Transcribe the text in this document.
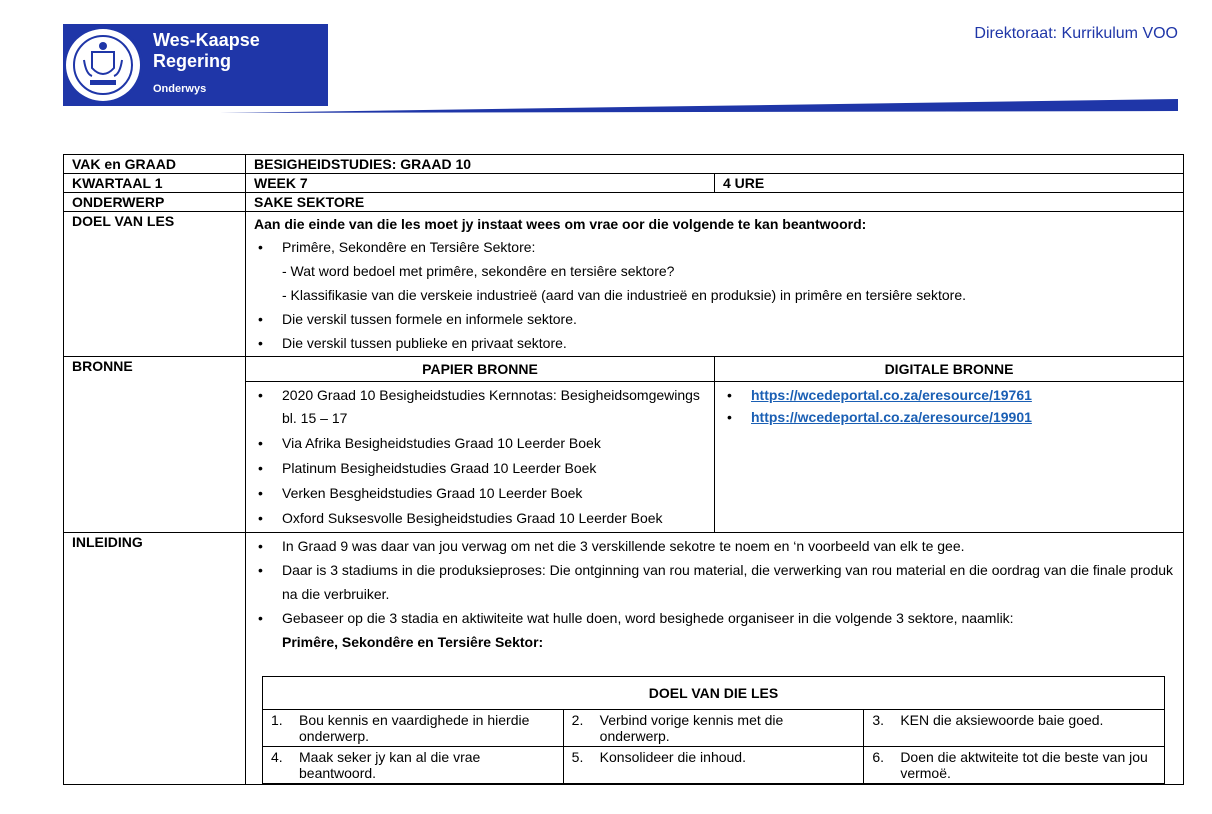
Wes-Kaapse
Regering
Onderwys
Direktoraat: Kurrikulum VOO
VAK en GRAAD	BESIGHEIDSTUDIES: GRAAD 10
KWARTAAL 1	WEEK 7	4 URE
ONDERWERP	SAKE SEKTORE
DOEL VAN LES	Aan die einde van die les moet jy instaat wees om vrae oor die volgende te kan beantwoord:
• Primêre, Sekondêre en Tersiêre Sektore:
- Wat word bedoel met primêre, sekondêre en tersiêre sektore?
- Klassifikasie van die verskeie industrieë (aard van die industrieë en produksie) in primêre en tersiêre sektore.
• Die verskil tussen formele en informele sektore.
• Die verskil tussen publieke en privaat sektore.

BRONNE	PAPIER BRONNE	DIGITALE BRONNE

• 2020 Graad 10 Besigheidstudies Kernnotas: Besigheidsomgewings bl. 15 – 17
• Via Afrika Besigheidstudies Graad 10 Leerder Boek
• Platinum Besigheidstudies Graad 10 Leerder Boek
• Verken Besgheidstudies Graad 10 Leerder Boek
• Oxford Suksesvolle Besigheidstudies Graad 10 Leerder Boek

• https://wcedeportal.co.za/eresource/19761
• https://wcedeportal.co.za/eresource/19901

INLEIDING	
•In Graad 9 was daar van jou verwag om net die 3 verskillende sekotre te noem en ‘n voorbeeld van elk te gee.
• Daar is 3 stadiums in die produksieproses: Die ontginning van rou material, die verwerking van rou material en die oordrag van die finale produk na die verbruiker.
• Gebaseer op die 3 stadia en aktiwiteite wat hulle doen, word besighede organiseer in die volgende 3 sektore, naamlik:
Primêre, Sekondêre en Tersiêre Sektor:
DOEL VAN DIE LES
1. Bou kennis en vaardighede in hierdie onderwerp.	2. Verbind vorige kennis met die onderwerp.	3. KEN die aksiewoorde baie goed.
4. Maak seker jy kan al die vrae beantwoord.	5. Konsolideer die inhoud.	6. Doen die aktwiteite tot die beste van jou vermoë.
